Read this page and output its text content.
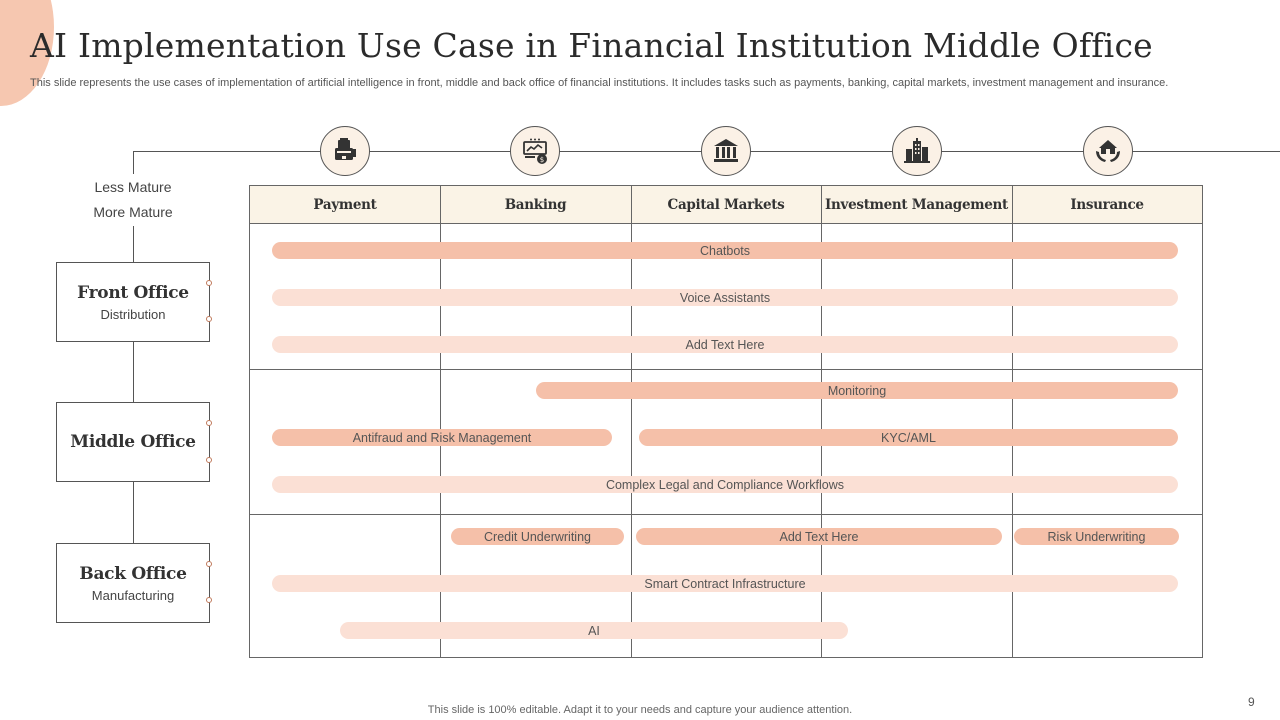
AI Implementation Use Case in Financial Institution Middle Office
This slide represents the use cases of implementation of artificial intelligence in front, middle and back office of financial institutions. It includes tasks such as payments, banking, capital markets, investment management and insurance.
$
Less Mature
More Mature
Front Office
Distribution
Middle Office
Back Office
Manufacturing
Payment	Banking	Capital Markets	Investment Management	Insurance
Chatbots
Voice Assistants
Add Text Here
Monitoring
Antifraud and Risk Management	KYC/AML
Complex Legal and Compliance Workflows
Credit Underwriting	Add Text Here	Risk Underwriting
Smart Contract Infrastructure
AI
This slide is 100% editable. Adapt it to your needs and capture your audience attention.
9
